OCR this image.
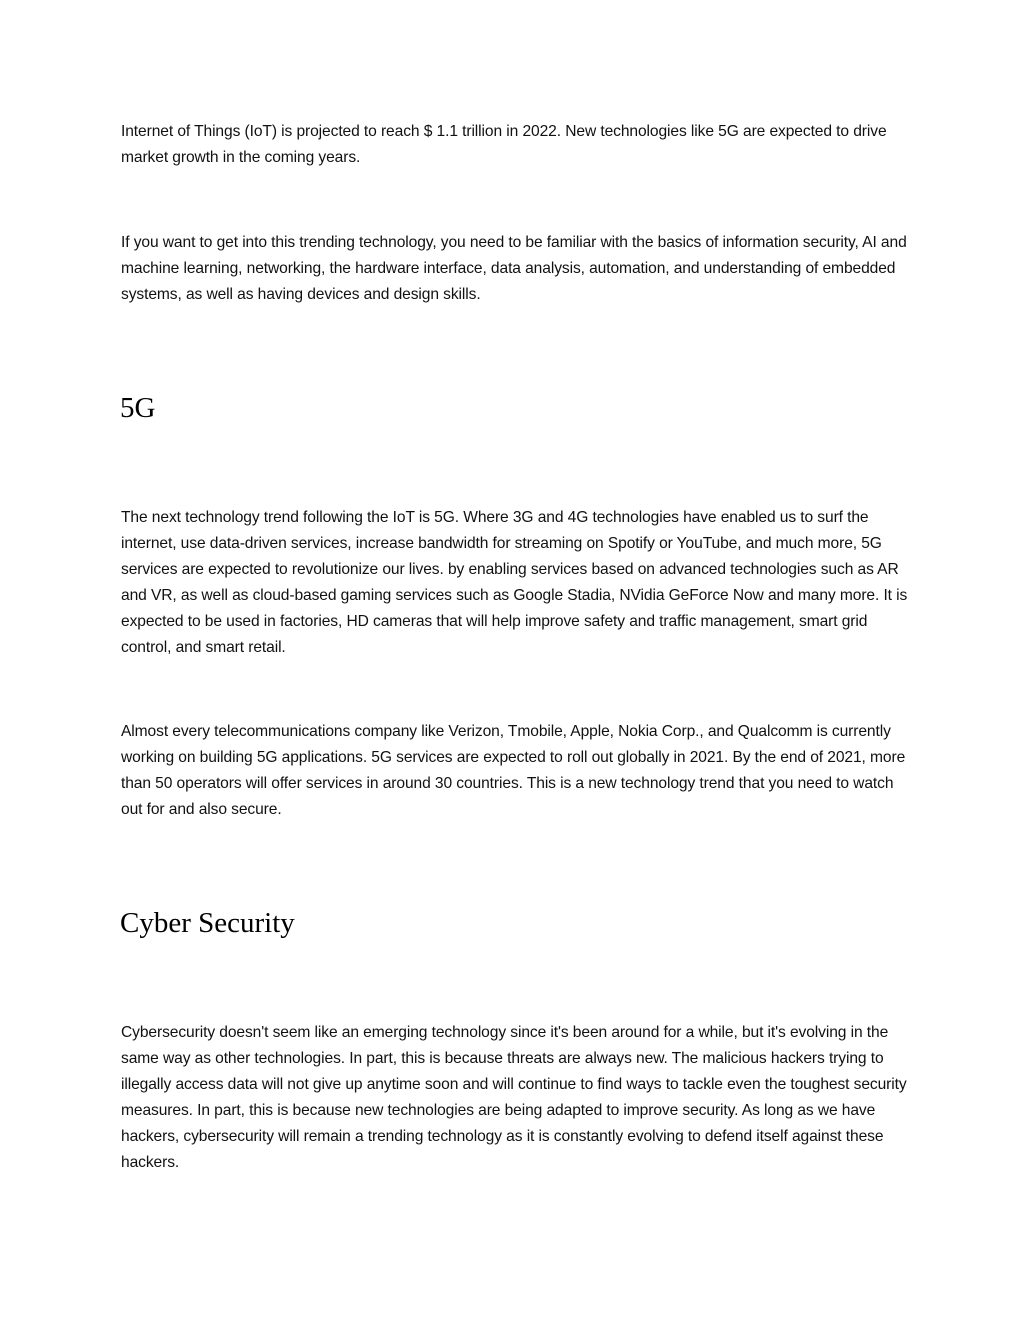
Internet of Things (IoT) is projected to reach $ 1.1 trillion in 2022. New technologies like 5G are expected to drive market growth in the coming years.

If you want to get into this trending technology, you need to be familiar with the basics of information security, AI and machine learning, networking, the hardware interface, data analysis, automation, and understanding of embedded systems, as well as having devices and design skills.

5G

The next technology trend following the IoT is 5G. Where 3G and 4G technologies have enabled us to surf the internet, use data-driven services, increase bandwidth for streaming on Spotify or YouTube, and much more, 5G services are expected to revolutionize our lives. by enabling services based on advanced technologies such as AR and VR, as well as cloud-based gaming services such as Google Stadia, NVidia GeForce Now and many more. It is expected to be used in factories, HD cameras that will help improve safety and traffic management, smart grid control, and smart retail.

Almost every telecommunications company like Verizon, Tmobile, Apple, Nokia Corp., and Qualcomm is currently working on building 5G applications. 5G services are expected to roll out globally in 2021. By the end of 2021, more than 50 operators will offer services in around 30 countries. This is a new technology trend that you need to watch out for and also secure.

Cyber Security

Cybersecurity doesn't seem like an emerging technology since it's been around for a while, but it's evolving in the same way as other technologies. In part, this is because threats are always new. The malicious hackers trying to illegally access data will not give up anytime soon and will continue to find ways to tackle even the toughest security measures. In part, this is because new technologies are being adapted to improve security. As long as we have hackers, cybersecurity will remain a trending technology as it is constantly evolving to defend itself against these hackers.
